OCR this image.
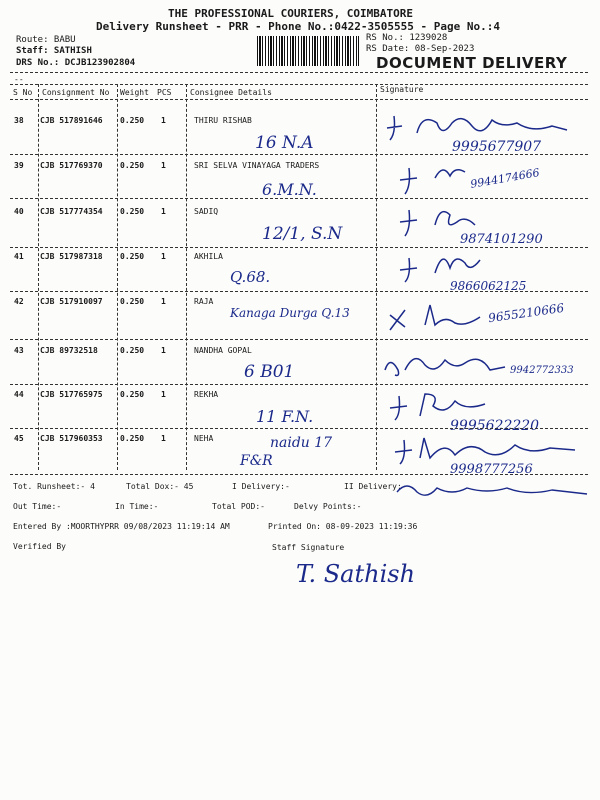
THE PROFESSIONAL COURIERS, COIMBATORE
Delivery Runsheet - PRR - Phone No.:0422-3505555 - Page No.:4
Route: BABU
Staff: SATHISH
DRS No.: DCJB123902804
RS No.: 1239028
RS Date: 08-Sep-2023
DOCUMENT DELIVERY
--
S No Consignment No Weight PCS Consignee Details	Signature
38 CJB 517891646 0.250 1	THIRU RISHAB
16 N.A	9995677907
39 CJB 517769370 0.250 1	SRI SELVA VINAYAGA TRADERS
6.M.N.	9944174666
40 CJB 517774354 0.250 1	SADIQ
12/1, S.N	9874101290
41 CJB 517987318 0.250 1	AKHILA
Q.68.	9866062125
42 CJB 517910097 0.250 1	RAJA
Kanaga Durga Q.13	9655210666
43 CJB 89732518	0.250 1	NANDHA GOPAL
6 B01	9942772333
44 CJB 517765975 0.250 1	REKHA
11 F.N.	9995622220
45 CJB 517960353 0.250 1	NEHA	naidu 17 F&R
9998777256
Tot. Runsheet:- 4	Total Dox:- 45	I Delivery:-	II Delivery:-
Out Time:-	In Time:-	Total POD:-	Delvy Points:-
Entered By :MOORTHYPRR 09/08/2023 11:19:14 AM	Printed On: 08-09-2023 11:19:36
Verified By	Staff Signature
T. Sathish
